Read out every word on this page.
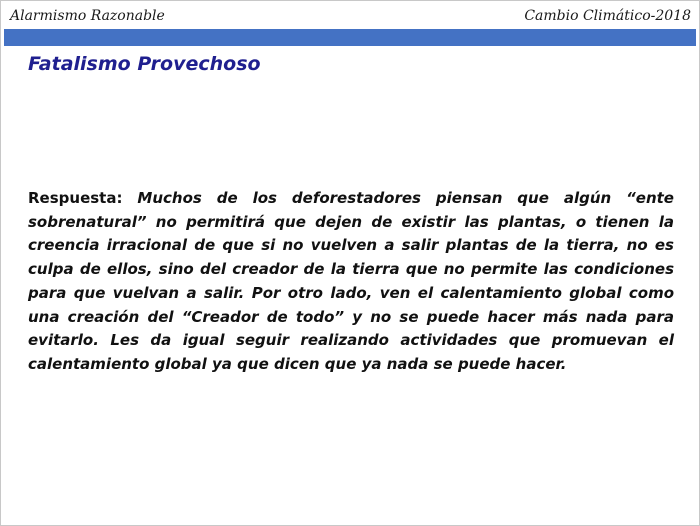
Alarmismo Razonable	Cambio Climático-2018
Fatalismo Provechoso

Respuesta: Muchos de los deforestadores piensan que algún “ente sobrenatural” no permitirá que dejen de existir las plantas, o tienen la creencia irracional de que si no vuelven a salir plantas de la tierra, no es culpa de ellos, sino del creador de la tierra que no permite las condiciones para que vuelvan a salir. Por otro lado, ven el calentamiento global como una creación del “Creador de todo” y no se puede hacer más nada para evitarlo. Les da igual seguir realizando actividades que promuevan el calentamiento global ya que dicen que ya nada se puede hacer.
